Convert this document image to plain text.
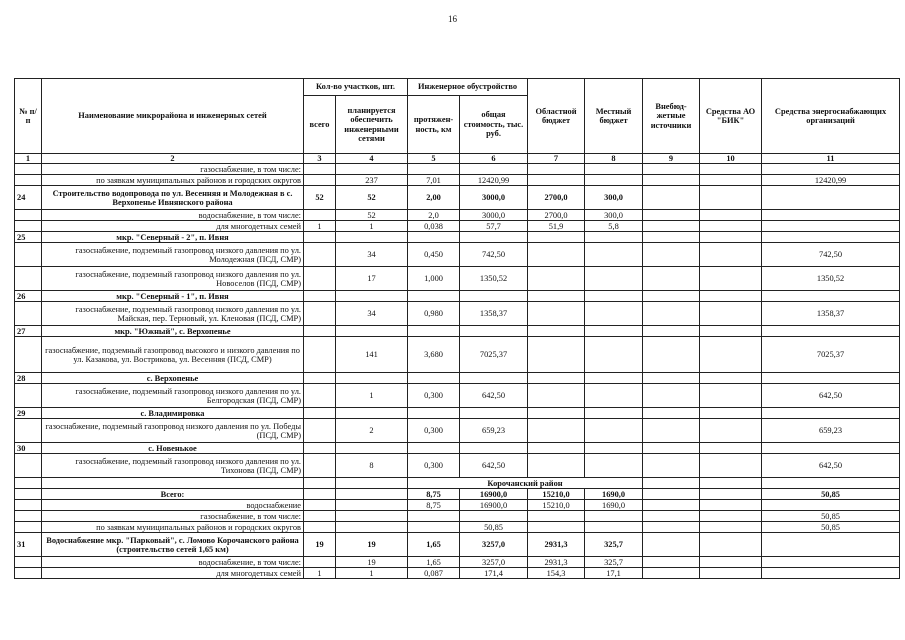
16
№ п/п	Наименование микрорайона и инженерных сетей	Кол-во участков, шт.		Инженерное обустройство		Областной бюджет	Местный бюджет	Внебюд-жетные источники	Средства АО "БИК"	Средства энергоснабжающих организаций
		всего	планируется обеспечить инженерными сетями	протяжен-ность, км	общая стоимость, тыс. руб.					
1	2	3	4	5	6	7	8	9	10	11
	газоснабжение, в том числе:									
	по заявкам муниципальных районов и городских округов		237	7,01	12420,99					12420,99
24	Строительство водопровода по ул. Весенняя и Молодежная в с. Верхопенье Ивнянского района	52	52	2,00	3000,0	2700,0	300,0			
	водоснабжение, в том числе:		52	2,0	3000,0	2700,0	300,0			
	для многодетных семей	1	1	0,038	57,7	51,9	5,8			
25	мкр. "Северный - 2", п. Ивня									
	газоснабжение, подземный газопровод низкого давления по ул. Молодежная (ПСД, СМР)		34	0,450	742,50					742,50
	газоснабжение, подземный газопровод низкого давления по ул. Новоселов (ПСД, СМР)		17	1,000	1350,52					1350,52
26	мкр. "Северный - 1", п. Ивня									
	газоснабжение, подземный газопровод низкого давления по ул. Майская, пер. Терновый, ул. Кленовая (ПСД, СМР)		34	0,980	1358,37					1358,37
27	мкр. "Южный", с. Верхопенье									
	газоснабжение, подземный газопровод высокого и низкого давления по ул. Казакова, ул. Вострикова, ул. Весенняя (ПСД, СМР)		141	3,680	7025,37					7025,37
28	с. Верхопенье									
	газоснабжение, подземный газопровод низкого давления по ул. Белгородская (ПСД, СМР)		1	0,300	642,50					642,50
29	с. Владимировка									
	газоснабжение, подземный газопровод низкого давления по ул. Победы (ПСД, СМР)		2	0,300	659,23					659,23
30	с. Новенькое									
	газоснабжение, подземный газопровод низкого давления по ул. Тихонова (ПСД, СМР)		8	0,300	642,50					642,50
				Корочанский район						
	Всего:			8,75	16900,0	15210,0	1690,0			50,85
	водоснабжение			8,75	16900,0	15210,0	1690,0			
	газоснабжение, в том числе:									50,85
	по заявкам муниципальных районов и городских округов				50,85					50,85
31	Водоснабжение мкр. "Парковый", с. Ломово Корочанского района (строительство сетей 1,65 км)	19	19	1,65	3257,0	2931,3	325,7			
	водоснабжение, в том числе:		19	1,65	3257,0	2931,3	325,7			
	для многодетных семей	1	1	0,087	171,4	154,3	17,1			
